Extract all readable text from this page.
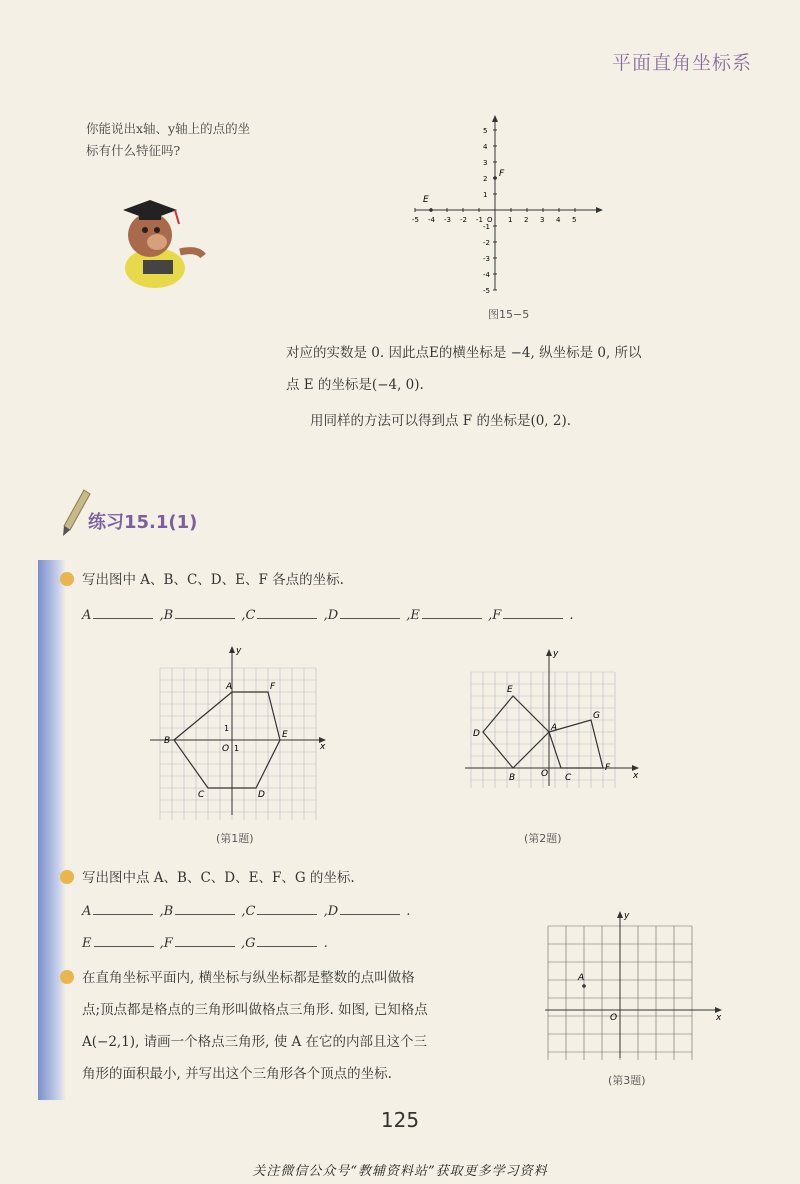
平面直角坐标系
你能说出x轴、y轴上的点的坐标有什么特征吗?
-5
-5
-4
-4
-3
-3
-2
-2
-1
-1
1
1
2
2
3
3
4
4
5
5
O
E
F
图15−5
对应的实数是 0. 因此点E的横坐标是 −4, 纵坐标是 0, 所以
点 E 的坐标是(−4, 0).
用同样的方法可以得到点 F 的坐标是(0, 2).
练习15.1(1)
写出图中 A、B、C、D、E、F 各点的坐标.
A	,B	,C	,D	,E	,F	.
A	F
B
E
C	D
O 1
1
x
y
(第1题)
E
D
A
B	C
G
F
O	x
y
(第2题)
写出图中点 A、B、C、D、E、F、G 的坐标.
A	,B	,C	,D	.
E	,F	,G	.
在直角坐标平面内, 横坐标与纵坐标都是整数的点叫做格
点;顶点都是格点的三角形叫做格点三角形. 如图, 已知格点
A(−2,1), 请画一个格点三角形, 使 A 在它的内部且这个三
角形的面积最小, 并写出这个三角形各个顶点的坐标.
A
O	x
y
(第3题)
125
关注微信公众号“教辅资料站”获取更多学习资料
